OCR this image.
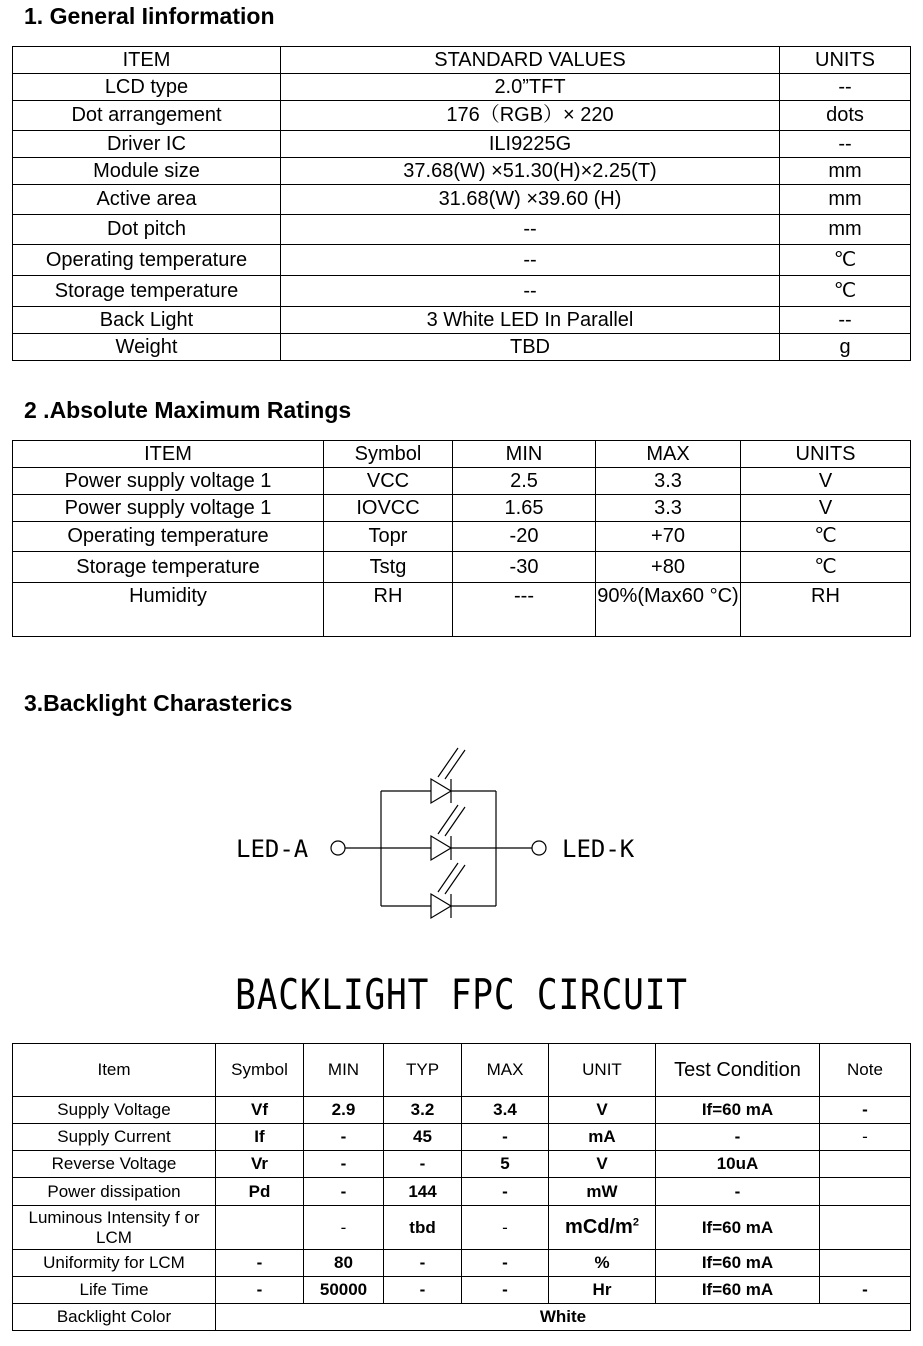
1. General Iinformation
ITEM	STANDARD VALUES	UNITS
LCD type	2.0”TFT	--
Dot arrangement	176（RGB）× 220	dots
Driver IC	ILI9225G	--
Module size	37.68(W) ×51.30(H)×2.25(T)	mm
Active area	31.68(W) ×39.60 (H)	mm
Dot pitch	--	mm
Operating temperature	--	℃
Storage temperature	--	℃
Back Light	3 White LED In Parallel	--
Weight	TBD	g
2 .Absolute Maximum Ratings
ITEM	Symbol	MIN	MAX	UNITS
Power supply voltage 1	VCC	2.5	3.3	V
Power supply voltage 1	IOVCC	1.65	3.3	V
Operating temperature	Topr	-20	+70	℃
Storage temperature	Tstg	-30	+80	℃
Humidity	RH	---	90%(Max60 °C)	RH
3.Backlight Charasterics
LED-A	LED-K
BACKLIGHT FPC CIRCUIT
Item	Symbol	MIN	TYP	MAX	UNIT	Test Condition	Note
Supply Voltage	Vf	2.9	3.2	3.4	V	If=60 mA	-
Supply Current	If	-	45	-	mA	-	-
Reverse Voltage	Vr	-	-	5	V	10uA	
Power dissipation	Pd	-	144	-	mW	-	
Luminous Intensity f or LCM		-	tbd	-	mCd/$m^2$	If=60 mA	
Uniformity for LCM	-	80	-	-	%	If=60 mA	
Life Time	-	50000	-	-	Hr	If=60 mA	-
Backlight Color	White						
